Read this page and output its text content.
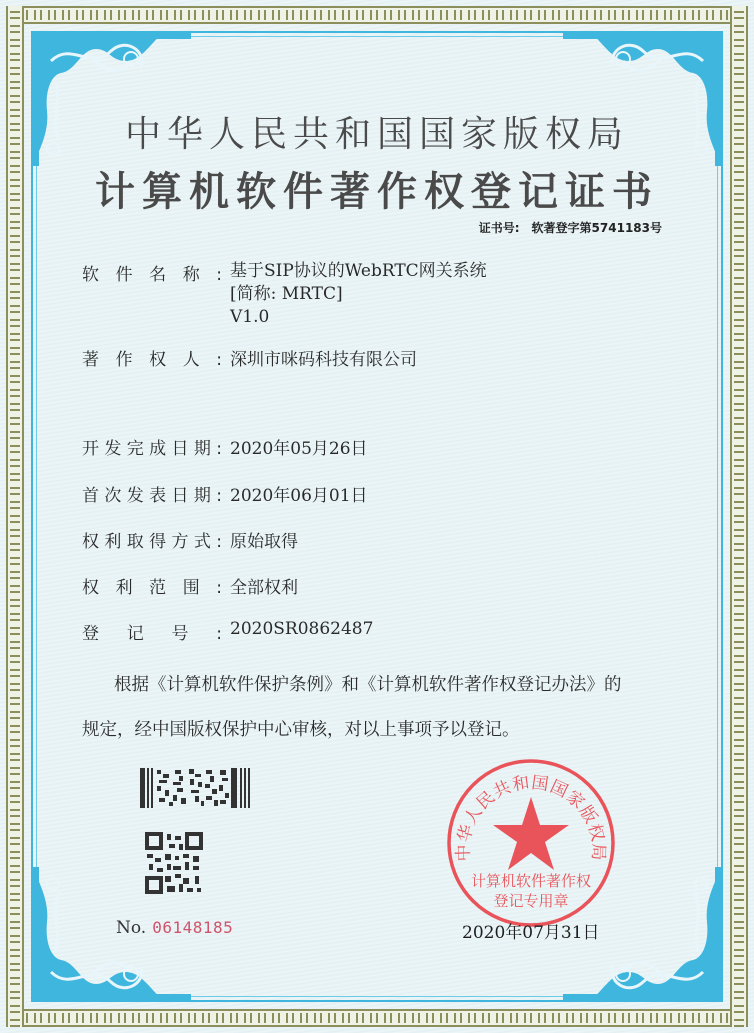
中华人民共和国国家版权局
计算机软件著作权登记证书
证书号: 软著登字第5741183号
软件名称: 基于SIP协议的WebRTC网关系统
[简称: MRTC]
V1.0
著作权人: 深圳市咪码科技有限公司
开发完成日期: 2020年05月26日
首次发表日期: 2020年06月01日
权利取得方式: 原始取得
权利范围: 全部权利
登记号: 2020SR0862487
根据《计算机软件保护条例》和《计算机软件著作权登记办法》的
规定，经中国版权保护中心审核，对以上事项予以登记。
No. 06148185
中华人民共和国国家版权局
计算机软件著作权
登记专用章
2020年07月31日
